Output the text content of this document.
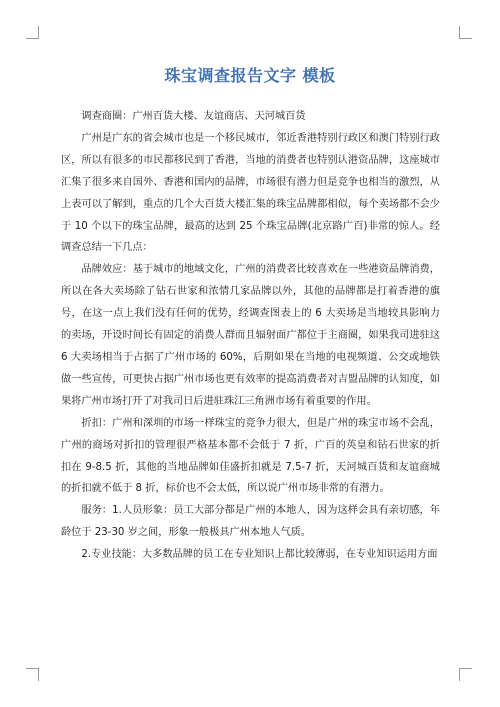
珠宝调查报告文字 模板

调查商圈：广州百货大楼、友谊商店、天河城百货

广州是广东的省会城市也是一个移民城市，邻近香港特别行政区和澳门特别行政区，所以有很多的市民都移民到了香港，当地的消费者也特别认港资品牌，这座城市汇集了很多来自国外、香港和国内的品牌，市场很有潜力但是竞争也相当的激烈，从上表可以了解到，重点的几个大百货大楼汇集的珠宝品牌都相似，每个卖场都不会少于 10 个以下的珠宝品牌，最高的达到 25 个珠宝品牌(北京路广百)非常的惊人。经调查总结一下几点：

品牌效应：基于城市的地域文化，广州的消费者比较喜欢在一些港资品牌消费，所以在各大卖场除了钻石世家和浓情几家品牌以外，其他的品牌都是打着香港的旗号，在这一点上我们没有任何的优势，经调查图表上的 6 大卖场是当地较具影响力的卖场，开设时间长有固定的消费人群而且辐射面广都位于主商圈，如果我司进驻这 6 大卖场相当于占据了广州市场的 60%，后期如果在当地的电视频道、公交或地铁做一些宣传，可更快占据广州市场也更有效率的提高消费者对吉盟品牌的认知度，如果将广州市场打开了对我司日后进驻珠江三角洲市场有着重要的作用。

折扣：广州和深圳的市场一样珠宝的竞争力很大，但是广州的珠宝市场不会乱，广州的商场对折扣的管理很严格基本都不会低于 7 折，广百的英皇和钻石世家的折扣在 9-8.5 折，其他的当地品牌如佳盛折扣就是 7.5-7 折，天河城百货和友谊商城的折扣就不低于 8 折，标价也不会太低，所以说广州市场非常的有潜力。

服务：1.人员形象：员工大部分都是广州的本地人，因为这样会具有亲切感，年龄位于 23-30 岁之间，形象一般极具广州本地人气质。

2.专业技能：大多数品牌的员工在专业知识上都比较薄弱，在专业知识运用方面
